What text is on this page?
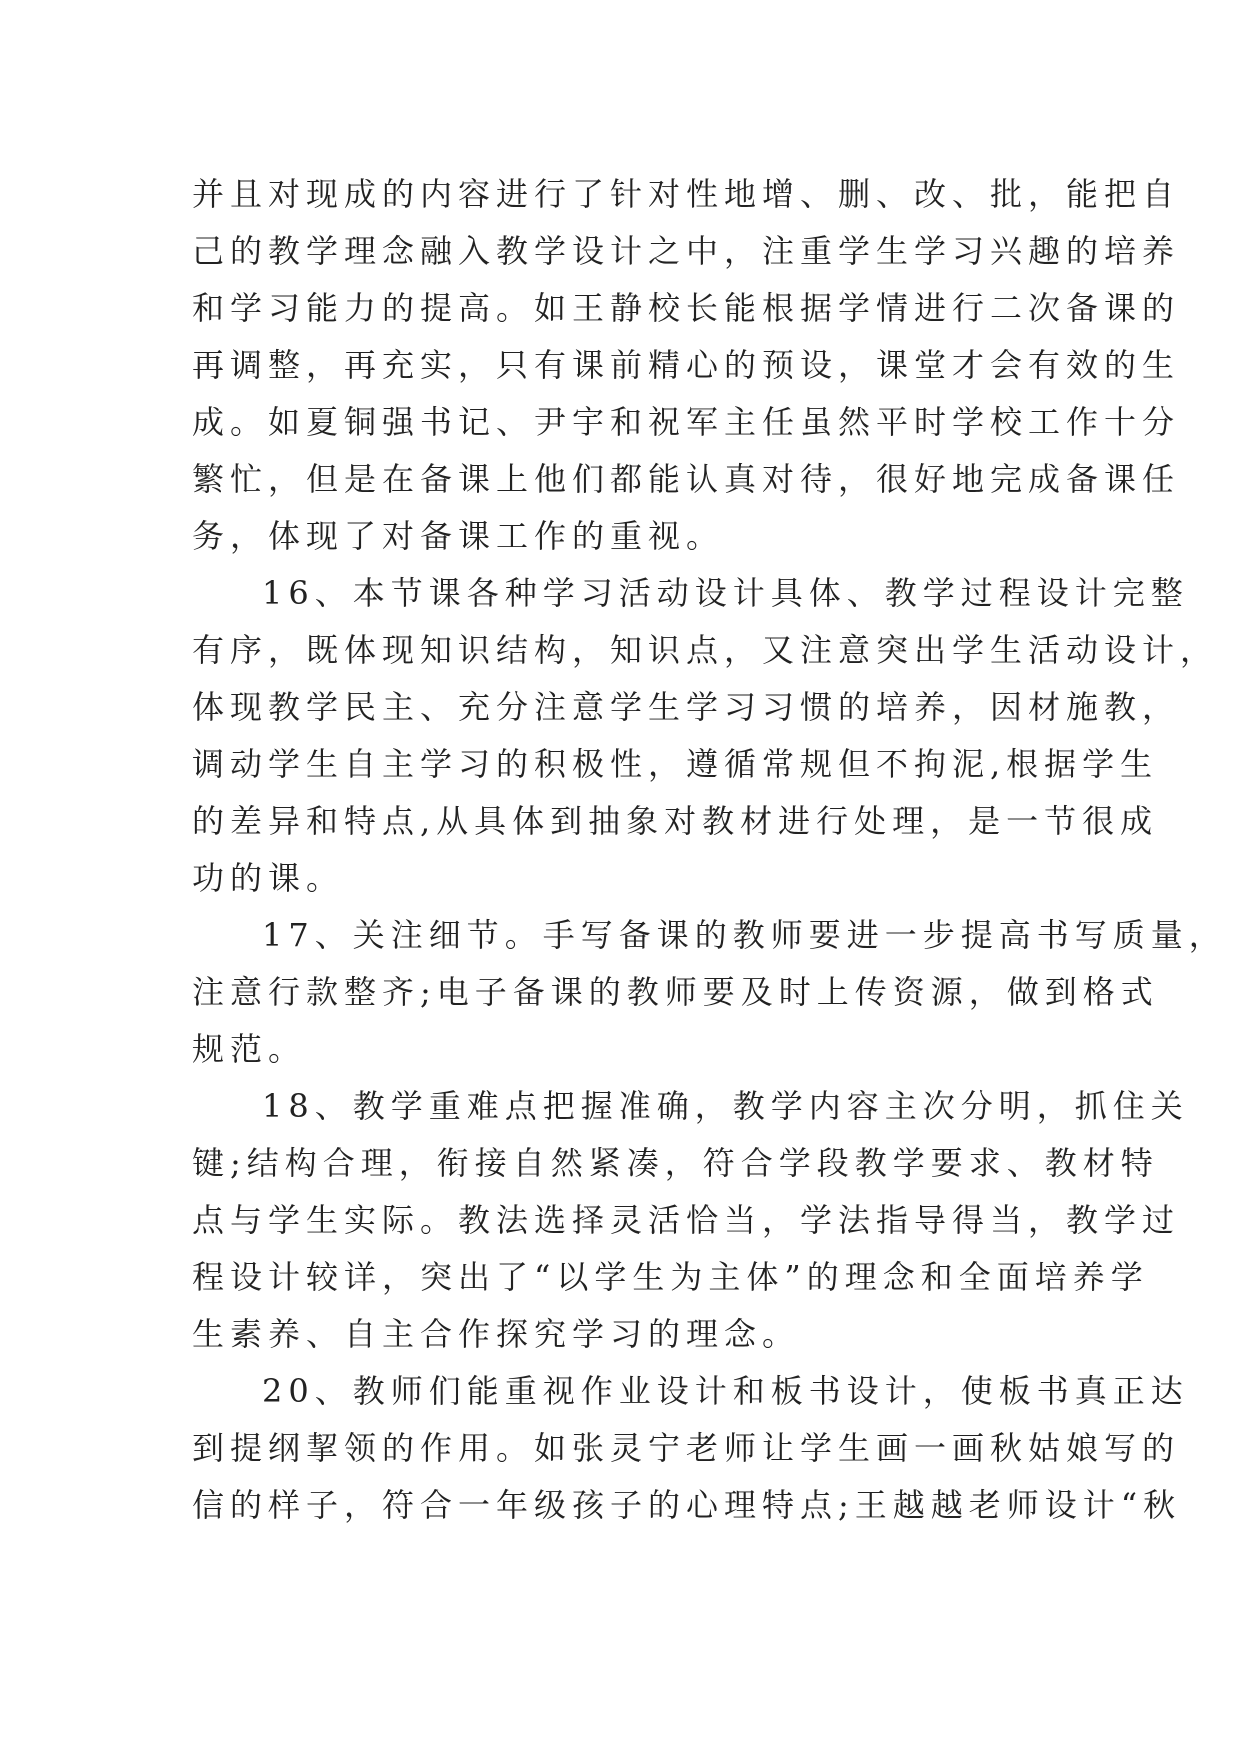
并且对现成的内容进行了针对性地增、删、改、批，能把自
己的教学理念融入教学设计之中，注重学生学习兴趣的培养
和学习能力的提高。如王静校长能根据学情进行二次备课的
再调整，再充实，只有课前精心的预设，课堂才会有效的生
成。如夏铜强书记、尹宇和祝军主任虽然平时学校工作十分
繁忙，但是在备课上他们都能认真对待，很好地完成备课任
务，体现了对备课工作的重视。

16、本节课各种学习活动设计具体、教学过程设计完整
有序，既体现知识结构，知识点，又注意突出学生活动设计，
体现教学民主、充分注意学生学习习惯的培养，因材施教，
调动学生自主学习的积极性，遵循常规但不拘泥,根据学生
的差异和特点,从具体到抽象对教材进行处理，是一节很成
功的课。

17、关注细节。手写备课的教师要进一步提高书写质量，
注意行款整齐;电子备课的教师要及时上传资源，做到格式
规范。

18、教学重难点把握准确，教学内容主次分明，抓住关
键;结构合理，衔接自然紧凑，符合学段教学要求、教材特
点与学生实际。教法选择灵活恰当，学法指导得当，教学过
程设计较详，突出了“以学生为主体”的理念和全面培养学
生素养、自主合作探究学习的理念。

20、教师们能重视作业设计和板书设计，使板书真正达
到提纲挈领的作用。如张灵宁老师让学生画一画秋姑娘写的
信的样子，符合一年级孩子的心理特点;王越越老师设计“秋
